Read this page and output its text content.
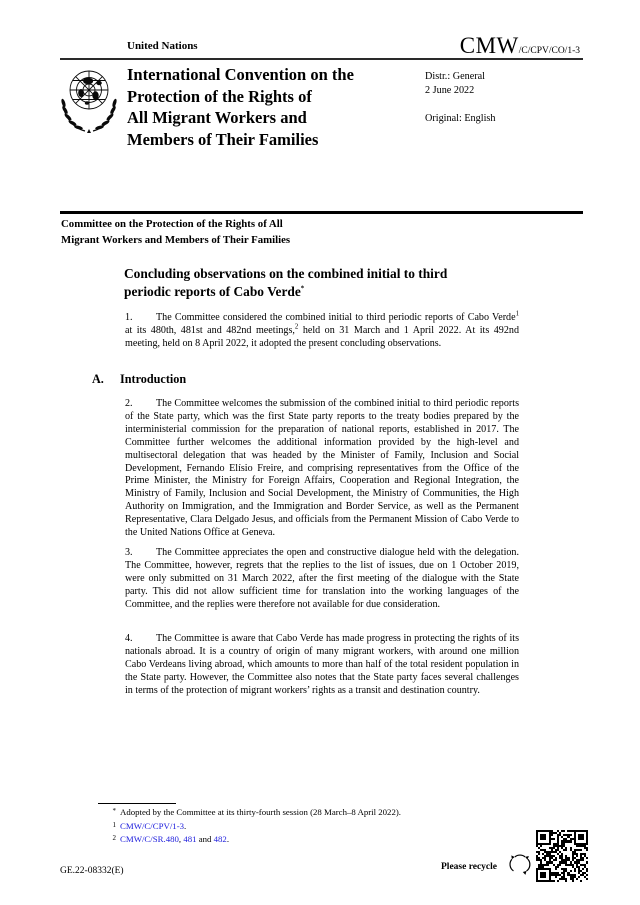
United Nations	CMW/C/CPV/CO/1-3
International Convention on the
Protection of the Rights of
All Migrant Workers and
Members of Their Families
Distr.: General
2 June 2022
Original: English
Committee on the Protection of the Rights of All
Migrant Workers and Members of Their Families
Concluding observations on the combined initial to third
periodic reports of Cabo Verde*
1. The Committee considered the combined initial to third periodic reports of Cabo Verde$^1$ at its 480th, 481st and 482nd meetings,$^2$ held on 31 March and 1 April 2022. At its 492nd meeting, held on 8 April 2022, it adopted the present concluding observations.
A. Introduction
2. The Committee welcomes the submission of the combined initial to third periodic reports of the State party, which was the first State party reports to the treaty bodies prepared by the interministerial commission for the preparation of national reports, established in 2017. The Committee further welcomes the additional information provided by the high-level and multisectoral delegation that was headed by the Minister of Family, Inclusion and Social Development, Fernando Elísio Freire, and comprising representatives from the Office of the Prime Minister, the Ministry for Foreign Affairs, Cooperation and Regional Integration, the Ministry of Family, Inclusion and Social Development, the Ministry of Communities, the High Authority on Immigration, and the Immigration and Border Service, as well as the Permanent Representative, Clara Delgado Jesus, and officials from the Permanent Mission of Cabo Verde to the United Nations Office at Geneva.
3. The Committee appreciates the open and constructive dialogue held with the delegation. The Committee, however, regrets that the replies to the list of issues, due on 1 October 2019, were only submitted on 31 March 2022, after the first meeting of the dialogue with the State party. This did not allow sufficient time for translation into the working languages of the Committee, and the replies were therefore not available for due consideration.
4. The Committee is aware that Cabo Verde has made progress in protecting the rights of its nationals abroad. It is a country of origin of many migrant workers, with around one million Cabo Verdeans living abroad, which amounts to more than half of the total resident population in the State party. However, the Committee also notes that the State party faces several challenges in terms of the protection of migrant workers’ rights as a transit and destination country.
* Adopted by the Committee at its thirty-fourth session (28 March–8 April 2022).
1 CMW/C/CPV/1-3.
2 CMW/C/SR.480, 481 and 482.
GE.22-08332(E)	Please recycle
